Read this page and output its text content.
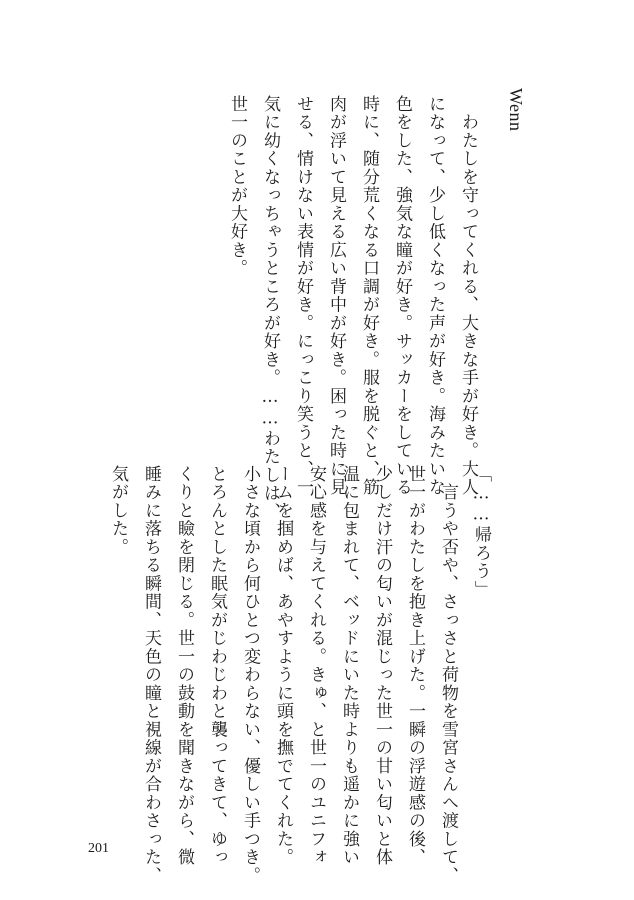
Wenn
　わたしを守ってくれる、大きな手が好き。大人
になって、少し低くなった声が好き。海みたいな
色をした、強気な瞳が好き。サッカーをしている
時に、随分荒くなる口調が好き。服を脱ぐと、筋
肉が浮いて見える広い背中が好き。困った時に見
せる、情けない表情が好き。にっこり笑うと、一
気に幼くなっちゃうところが好き。……わたしは、
世一のことが大好き。
「……帰ろう」
　言うや否や、さっさと荷物を雪宮さんへ渡して、
世一がわたしを抱き上げた。一瞬の浮遊感の後、
少しだけ汗の匂いが混じった世一の甘い匂いと体
温に包まれて、ベッドにいた時よりも遥かに強い
安心感を与えてくれる。きゅ、と世一のユニフォ
ームを掴めば、あやすように頭を撫でてくれた。
小さな頃から何ひとつ変わらない、優しい手つき。
とろんとした眠気がじわじわと襲ってきて、ゆっ
くりと瞼を閉じる。世一の鼓動を聞きながら、微
睡みに落ちる瞬間、天色の瞳と視線が合わさった、
気がした。
201
